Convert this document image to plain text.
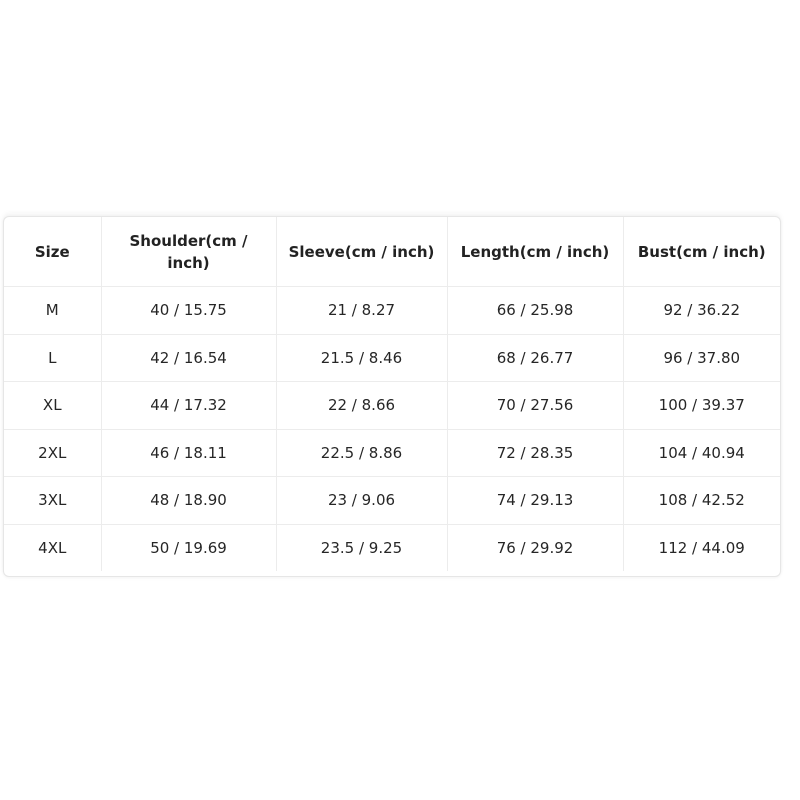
Size	Shoulder(cm / inch)	Sleeve(cm / inch)	Length(cm / inch)	Bust(cm / inch)
M	40 / 15.75	21 / 8.27	66 / 25.98	92 / 36.22
L	42 / 16.54	21.5 / 8.46	68 / 26.77	96 / 37.80
XL	44 / 17.32	22 / 8.66	70 / 27.56	100 / 39.37
2XL	46 / 18.11	22.5 / 8.86	72 / 28.35	104 / 40.94
3XL	48 / 18.90	23 / 9.06	74 / 29.13	108 / 42.52
4XL	50 / 19.69	23.5 / 9.25	76 / 29.92	112 / 44.09
